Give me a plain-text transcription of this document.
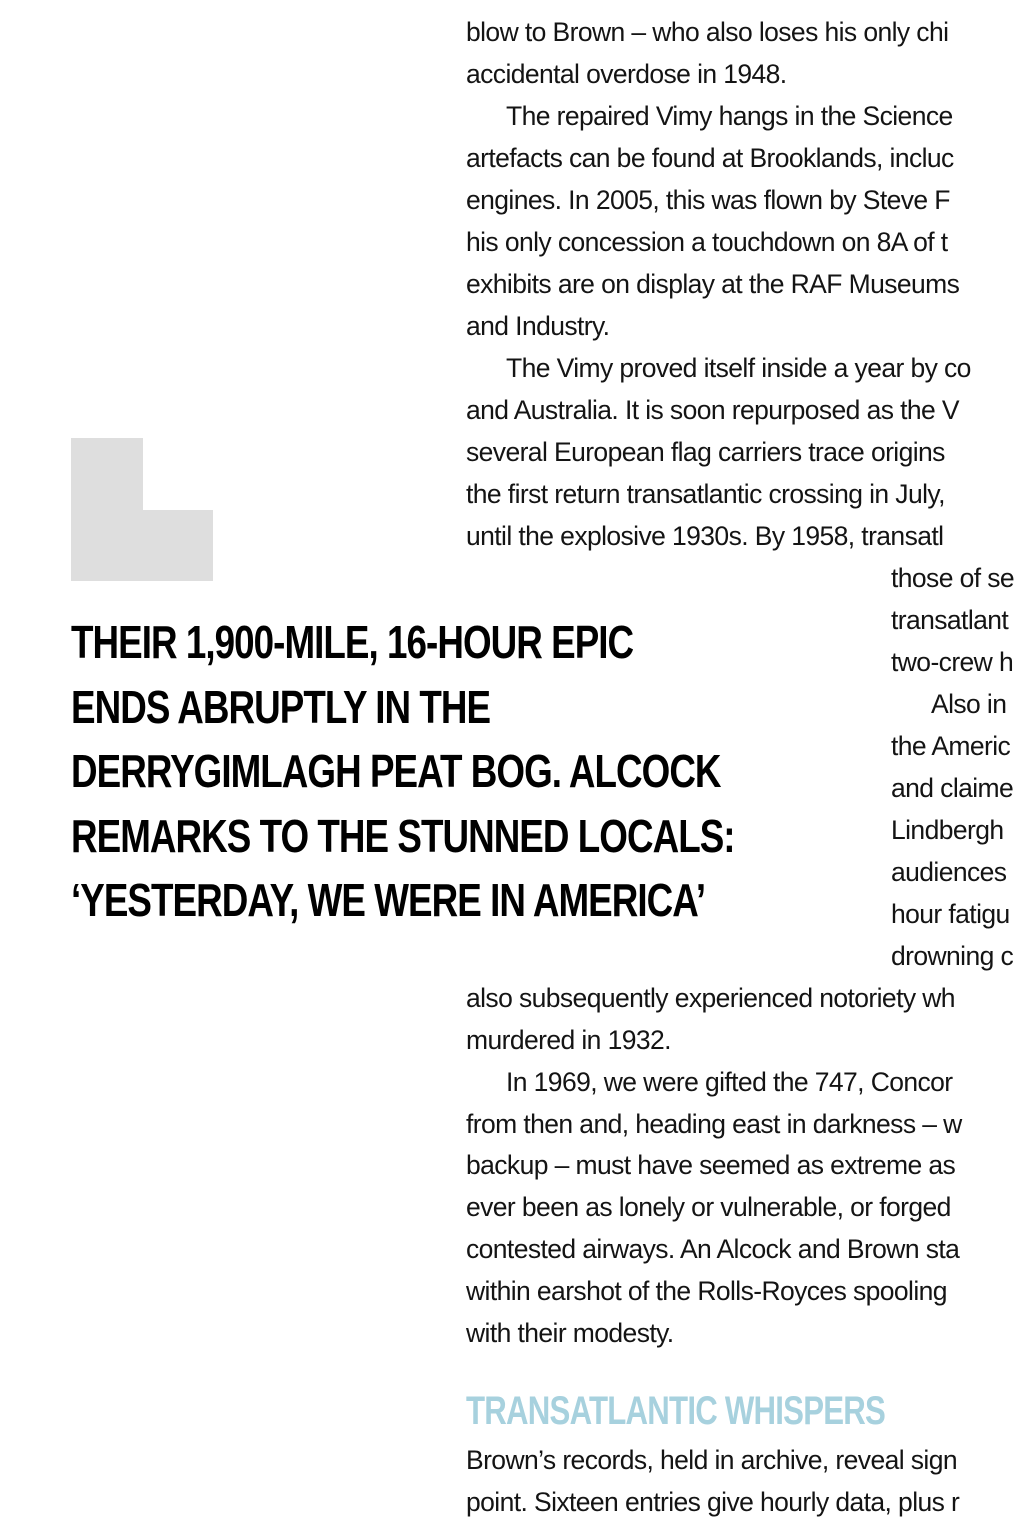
blow to Brown – who also loses his only chi
accidental overdose in 1948.
The repaired Vimy hangs in the Science
artefacts can be found at Brooklands, incluc
engines. In 2005, this was flown by Steve F
his only concession a touchdown on 8A of t
exhibits are on display at the RAF Museums
and Industry.
The Vimy proved itself inside a year by co
and Australia. It is soon repurposed as the V
several European flag carriers trace origins
the first return transatlantic crossing in July,
until the explosive 1930s. By 1958, transatl
those of se
transatlant
two-crew h
Also in
the Americ
and claime
Lindbergh
audiences
hour fatigu
drowning c
also subsequently experienced notoriety wh
murdered in 1932.
In 1969, we were gifted the 747, Concor
from then and, heading east in darkness – w
backup – must have seemed as extreme as
ever been as lonely or vulnerable, or forged
contested airways. An Alcock and Brown sta
within earshot of the Rolls-Royces spooling
with their modesty.
TRANSATLANTIC WHISPERS
Brown’s records, held in archive, reveal sign
point. Sixteen entries give hourly data, plus r
THEIR 1,900-MILE, 16-HOUR EPIC
ENDS ABRUPTLY IN THE
DERRYGIMLAGH PEAT BOG. ALCOCK
REMARKS TO THE STUNNED LOCALS:
‘YESTERDAY, WE WERE IN AMERICA’
